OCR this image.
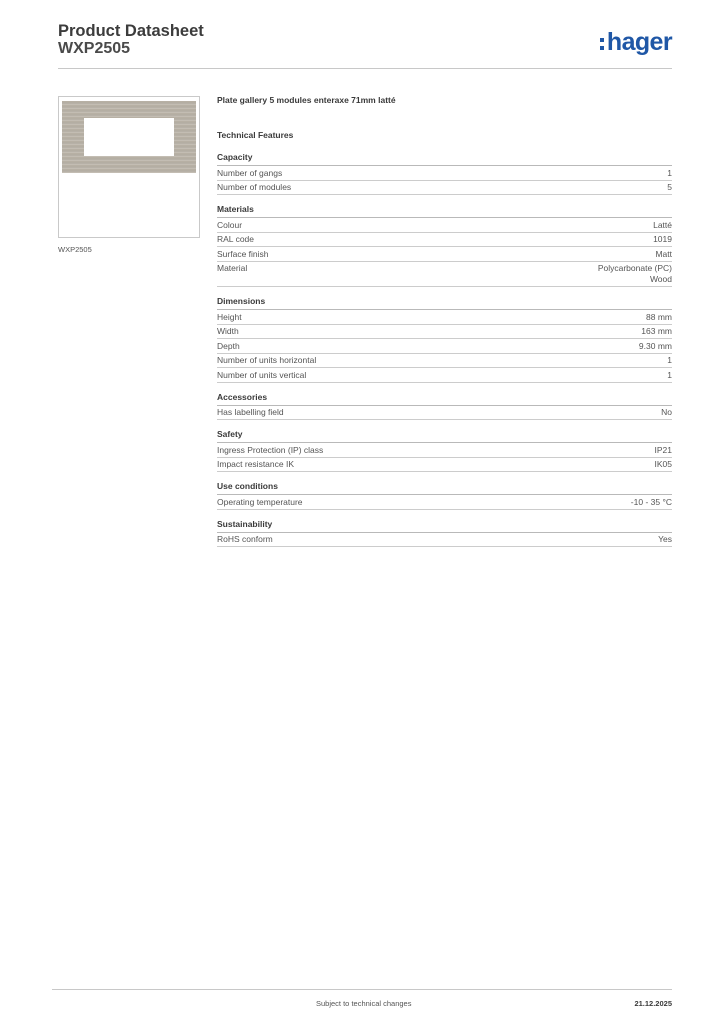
Product Datasheet
WXP2505	hager
WXP2505
Plate gallery 5 modules enteraxe 71mm latté
Technical Features
Capacity
Number of gangs	1
Number of modules	5
Materials
Colour	Latté
RAL code	1019
Surface finish	Matt
Material	Polycarbonate (PC)
Wood
Dimensions
Height	88 mm
Width	163 mm
Depth	9.30 mm
Number of units horizontal	1
Number of units vertical	1
Accessories
Has labelling field	No
Safety
Ingress Protection (IP) class	IP21
Impact resistance IK	IK05
Use conditions
Operating temperature	-10 - 35 °C
Sustainability
RoHS conform	Yes
Subject to technical changes	21.12.2025
